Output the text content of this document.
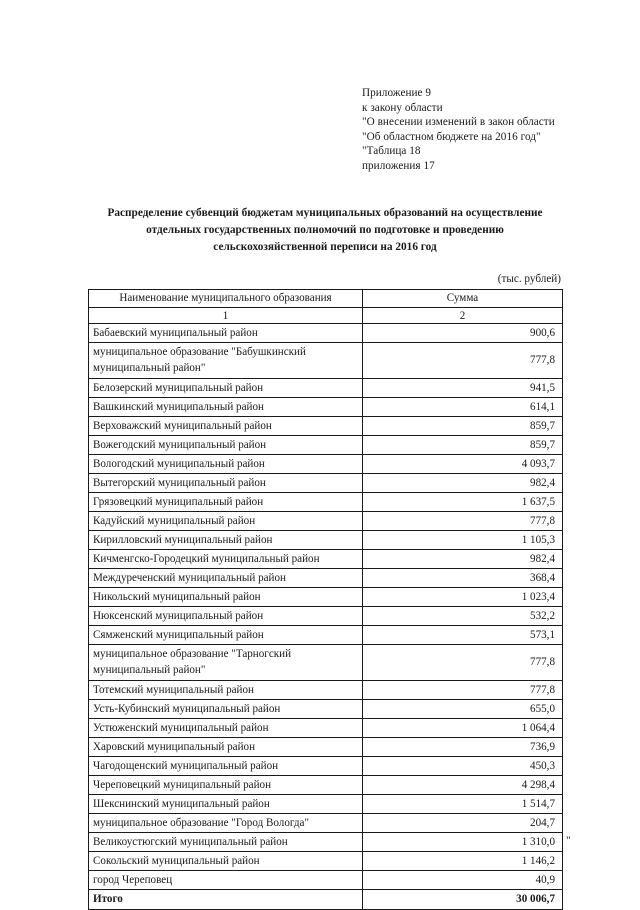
Приложение 9
к закону области
"О внесении изменений в закон области
"Об областном бюджете на 2016 год"
"Таблица 18
приложения 17
Распределение субвенций бюджетам муниципальных образований на осуществление
отдельных государственных полномочий по подготовке и проведению
сельскохозяйственной переписи на 2016 год
(тыс. рублей)
Наименование муниципального образования	Сумма
1	2
Бабаевский муниципальный район	900,6
муниципальное образование "Бабушкинский муниципальный район"	777,8
Белозерский муниципальный район	941,5
Вашкинский муниципальный район	614,1
Верховажский муниципальный район	859,7
Вожегодский муниципальный район	859,7
Вологодский муниципальный район	4 093,7
Вытегорский муниципальный район	982,4
Грязовецкий муниципальный район	1 637,5
Кадуйский муниципальный район	777,8
Кирилловский муниципальный район	1 105,3
Кичменгско-Городецкий муниципальный район	982,4
Междуреченский муниципальный район	368,4
Никольский муниципальный район	1 023,4
Нюксенский муниципальный район	532,2
Сямженский муниципальный район	573,1
муниципальное образование "Тарногский муниципальный район"	777,8
Тотемский муниципальный район	777,8
Усть-Кубинский муниципальный район	655,0
Устюженский муниципальный район	1 064,4
Харовский муниципальный район	736,9
Чагодощенский муниципальный район	450,3
Череповецкий муниципальный район	4 298,4
Шекснинский муниципальный район	1 514,7
муниципальное образование "Город Вологда"	204,7
Великоустюгский муниципальный район	1 310,0
Сокольский муниципальный район	1 146,2
город Череповец	40,9
Итого	30 006,7
"
